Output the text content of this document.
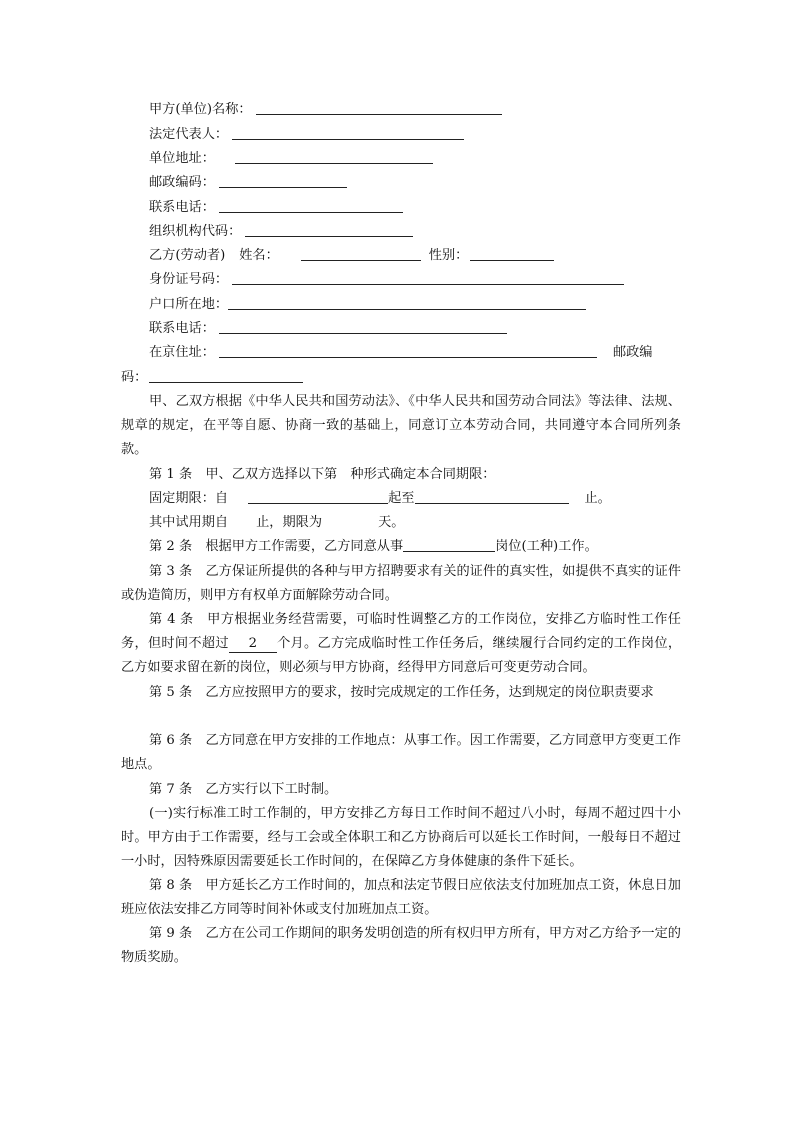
甲方(单位)名称：
法定代表人：
单位地址：
邮政编码：
联系电话：
组织机构代码：
乙方(劳动者) 姓名：	性别：
身份证号码：
户口所在地：
联系电话：
在京住址：	邮政编
码：
甲、乙双方根据《中华人民共和国劳动法》、《中华人民共和国劳动合同法》等法律、法规、规章的规定，在平等自愿、协商一致的基础上，同意订立本劳动合同，共同遵守本合同所列条款。
第 1 条　甲、乙双方选择以下第　种形式确定本合同期限：
固定期限：自	起至	止。
其中试用期自 止，期限为	天。
第 2 条　根据甲方工作需要，乙方同意从事	岗位(工种)工作。
第 3 条　乙方保证所提供的各种与甲方招聘要求有关的证件的真实性，如提供不真实的证件或伪造简历，则甲方有权单方面解除劳动合同。
第 4 条　甲方根据业务经营需要，可临时性调整乙方的工作岗位，安排乙方临时性工作任务，但时间不超过 2 个月。乙方完成临时性工作任务后，继续履行合同约定的工作岗位，乙方如要求留在新的岗位，则必须与甲方协商，经得甲方同意后可变更劳动合同。
第 5 条　乙方应按照甲方的要求，按时完成规定的工作任务，达到规定的岗位职责要求
第 6 条　乙方同意在甲方安排的工作地点：从事工作。因工作需要，乙方同意甲方变更工作地点。
第 7 条　乙方实行以下工时制。
(一)实行标准工时工作制的，甲方安排乙方每日工作时间不超过八小时，每周不超过四十小时。甲方由于工作需要，经与工会或全体职工和乙方协商后可以延长工作时间，一般每日不超过一小时，因特殊原因需要延长工作时间的，在保障乙方身体健康的条件下延长。
第 8 条　甲方延长乙方工作时间的，加点和法定节假日应依法支付加班加点工资，休息日加班应依法安排乙方同等时间补休或支付加班加点工资。
第 9 条　乙方在公司工作期间的职务发明创造的所有权归甲方所有，甲方对乙方给予一定的物质奖励。
